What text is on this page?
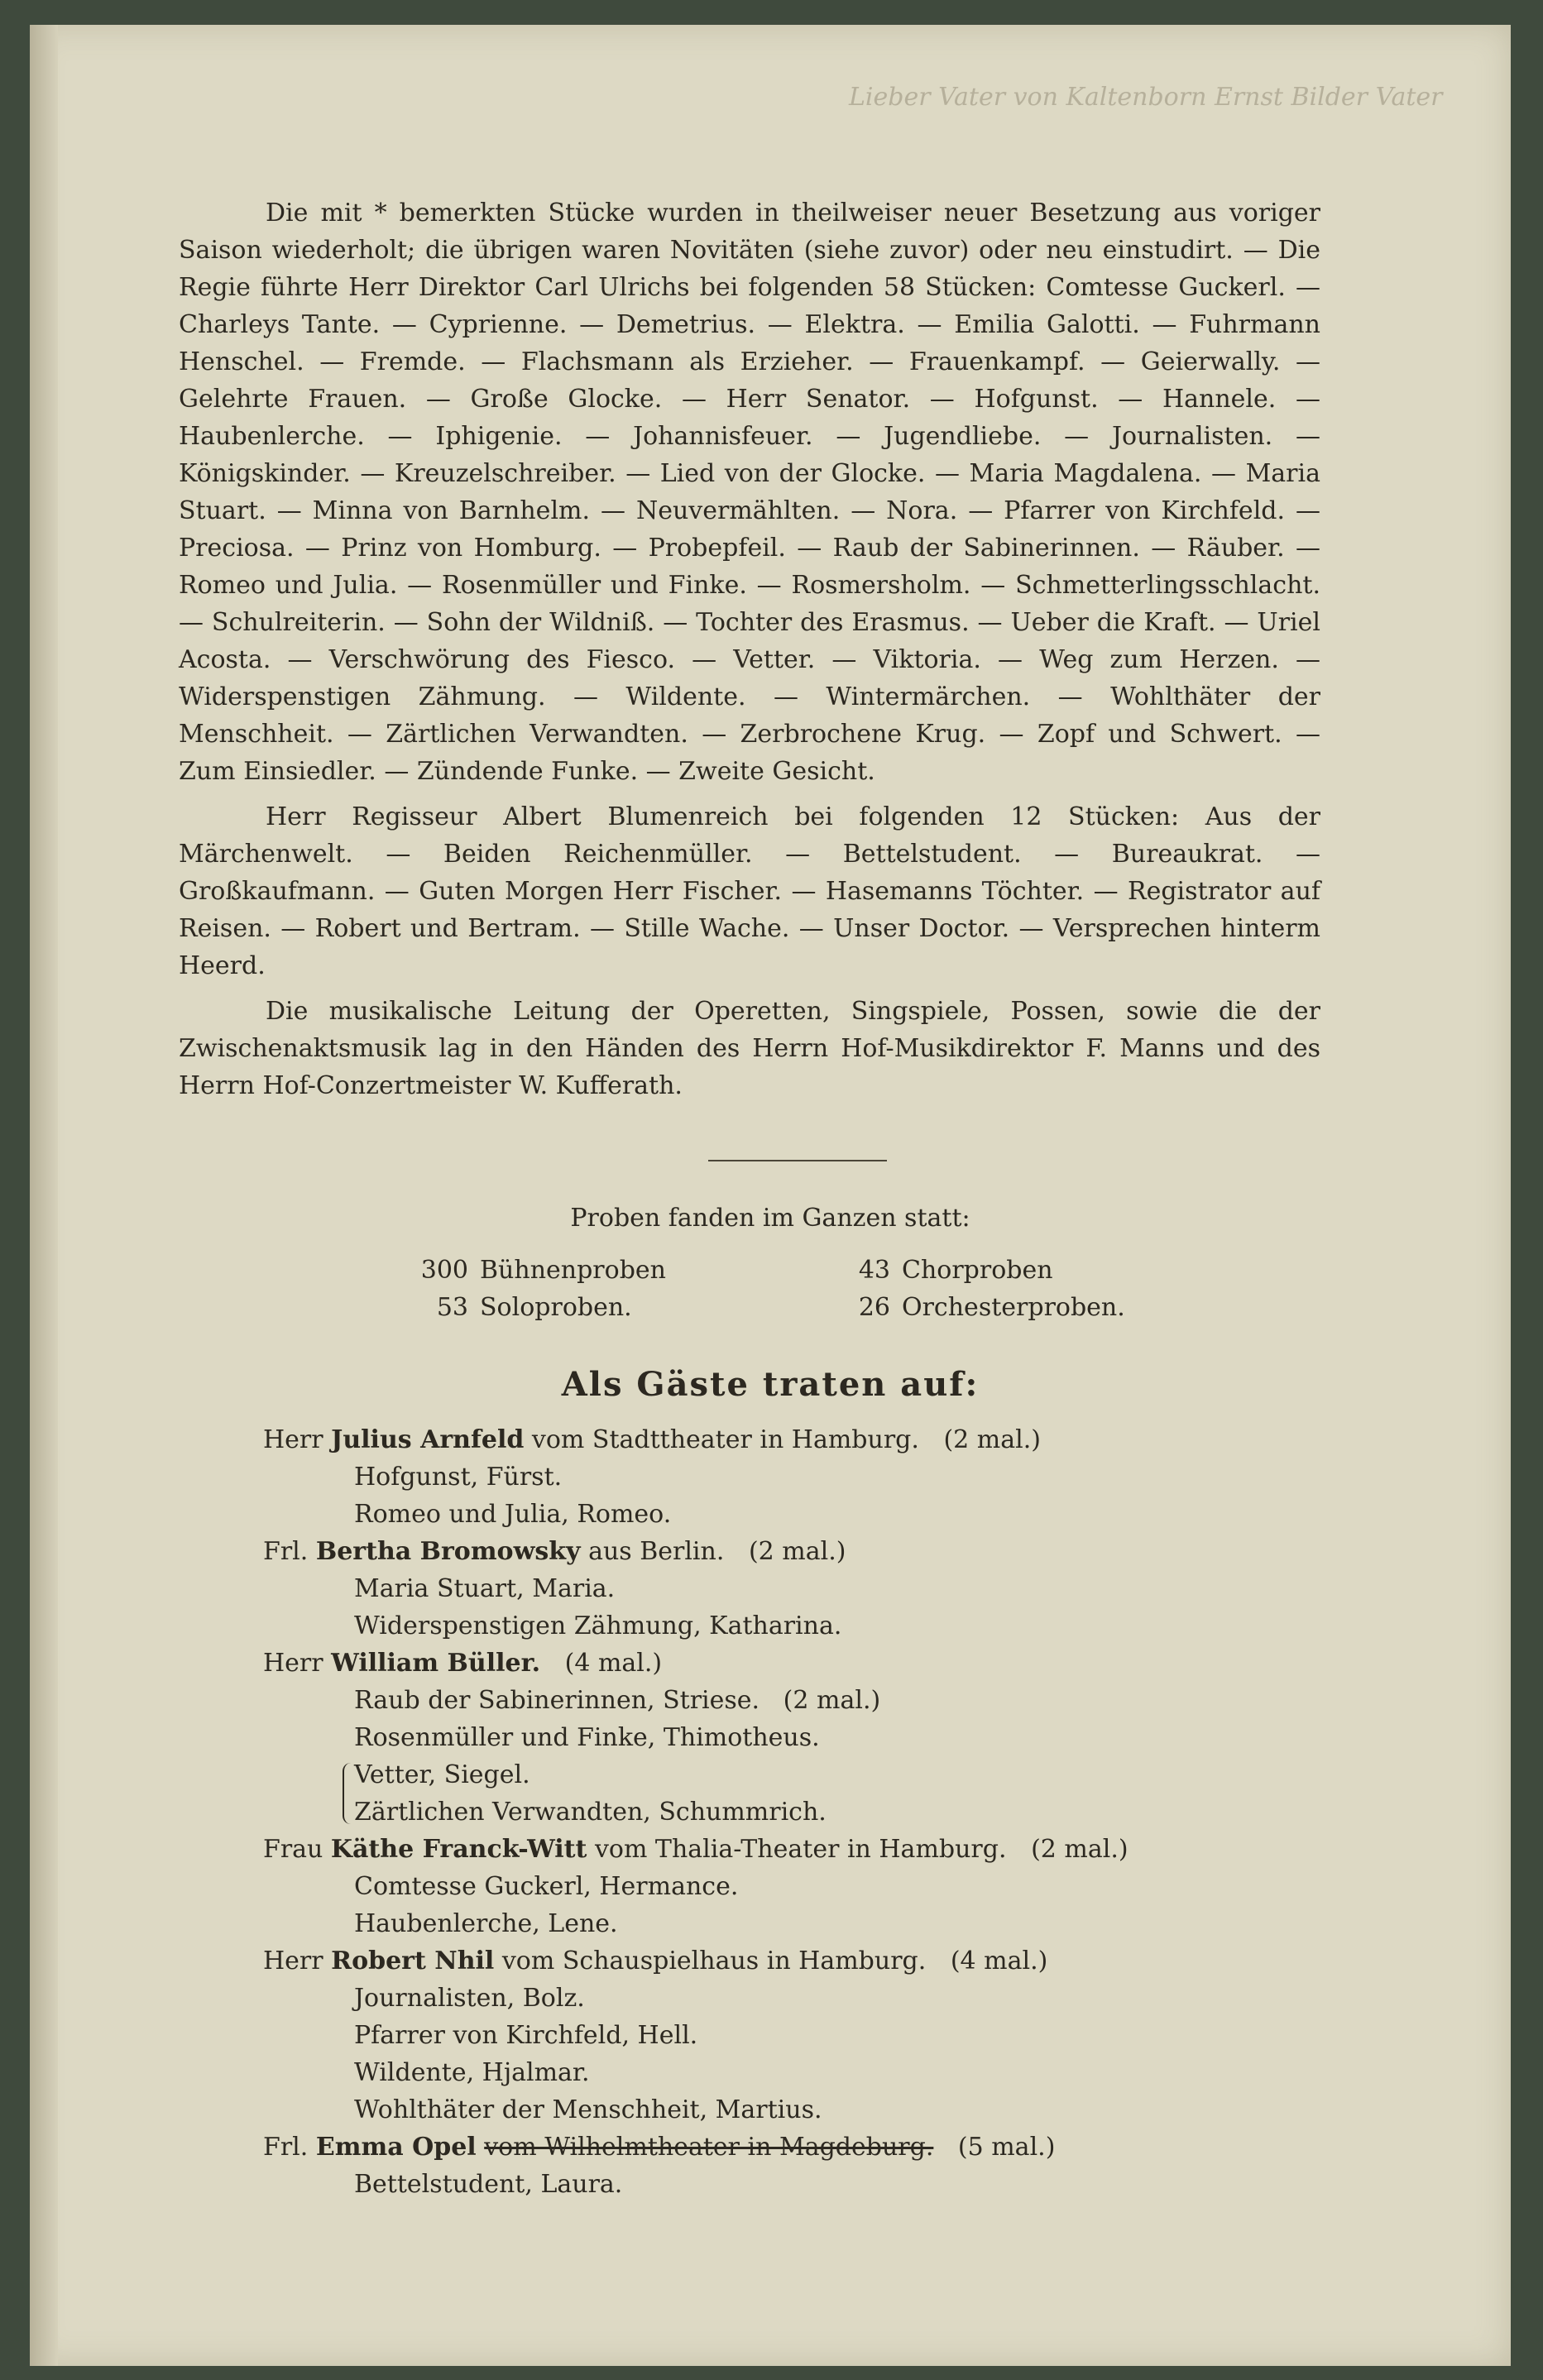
Lieber Vater von Kaltenborn Ernst Bilder Vater

Die mit * bemerkten Stücke wurden in theilweiser neuer Besetzung aus voriger Saison wiederholt; die übrigen waren Novitäten (siehe zuvor) oder neu einstudirt. — Die Regie führte Herr Direktor Carl Ulrichs bei folgenden 58 Stücken: Comtesse Guckerl. — Charleys Tante. — Cyprienne. — Demetrius. — Elektra. — Emilia Galotti. — Fuhrmann Henschel. — Fremde. — Flachsmann als Erzieher. — Frauenkampf. — Geierwally. — Gelehrte Frauen. — Große Glocke. — Herr Senator. — Hofgunst. — Hannele. — Haubenlerche. — Iphigenie. — Johannisfeuer. — Jugendliebe. — Journalisten. — Königskinder. — Kreuzelschreiber. — Lied von der Glocke. — Maria Magdalena. — Maria Stuart. — Minna von Barnhelm. — Neuvermählten. — Nora. — Pfarrer von Kirchfeld. — Preciosa. — Prinz von Homburg. — Probepfeil. — Raub der Sabinerinnen. — Räuber. — Romeo und Julia. — Rosenmüller und Finke. — Rosmersholm. — Schmetterlingsschlacht. — Schulreiterin. — Sohn der Wildniß. — Tochter des Erasmus. — Ueber die Kraft. — Uriel Acosta. — Verschwörung des Fiesco. — Vetter. — Viktoria. — Weg zum Herzen. — Widerspenstigen Zähmung. — Wildente. — Wintermärchen. — Wohlthäter der Menschheit. — Zärtlichen Verwandten. — Zerbrochene Krug. — Zopf und Schwert. — Zum Einsiedler. — Zündende Funke. — Zweite Gesicht.

Herr Regisseur Albert Blumenreich bei folgenden 12 Stücken: Aus der Märchenwelt. — Beiden Reichenmüller. — Bettelstudent. — Bureaukrat. — Großkaufmann. — Guten Morgen Herr Fischer. — Hasemanns Töchter. — Registrator auf Reisen. — Robert und Bertram. — Stille Wache. — Unser Doctor. — Versprechen hinterm Heerd.

Die musikalische Leitung der Operetten, Singspiele, Possen, sowie die der Zwischenaktsmusik lag in den Händen des Herrn Hof-Musikdirektor F. Manns und des Herrn Hof-Conzertmeister W. Kufferath.

Proben fanden im Ganzen statt:
300 Bühnenproben	43 Chorproben
53 Soloproben.	26 Orchesterproben.
Als Gäste traten auf:
Herr Julius Arnfeld vom Stadttheater in Hamburg. (2 mal.)
Hofgunst, Fürst.
Romeo und Julia, Romeo.
Frl. Bertha Bromowsky aus Berlin. (2 mal.)
Maria Stuart, Maria.
Widerspenstigen Zähmung, Katharina.
Herr William Büller. (4 mal.)
Raub der Sabinerinnen, Striese.   (2 mal.)
Rosenmüller und Finke, Thimotheus.
Vetter, Siegel.
Zärtlichen Verwandten, Schummrich.
Frau Käthe Franck-Witt vom Thalia-Theater in Hamburg. (2 mal.)
Comtesse Guckerl, Hermance.
Haubenlerche, Lene.
Herr Robert Nhil vom Schauspielhaus in Hamburg. (4 mal.)
Journalisten, Bolz.
Pfarrer von Kirchfeld, Hell.
Wildente, Hjalmar.
Wohlthäter der Menschheit, Martius.
Frl. Emma Opel vom Wilhelmtheater in Magdeburg. (5 mal.)
Bettelstudent, Laura.
